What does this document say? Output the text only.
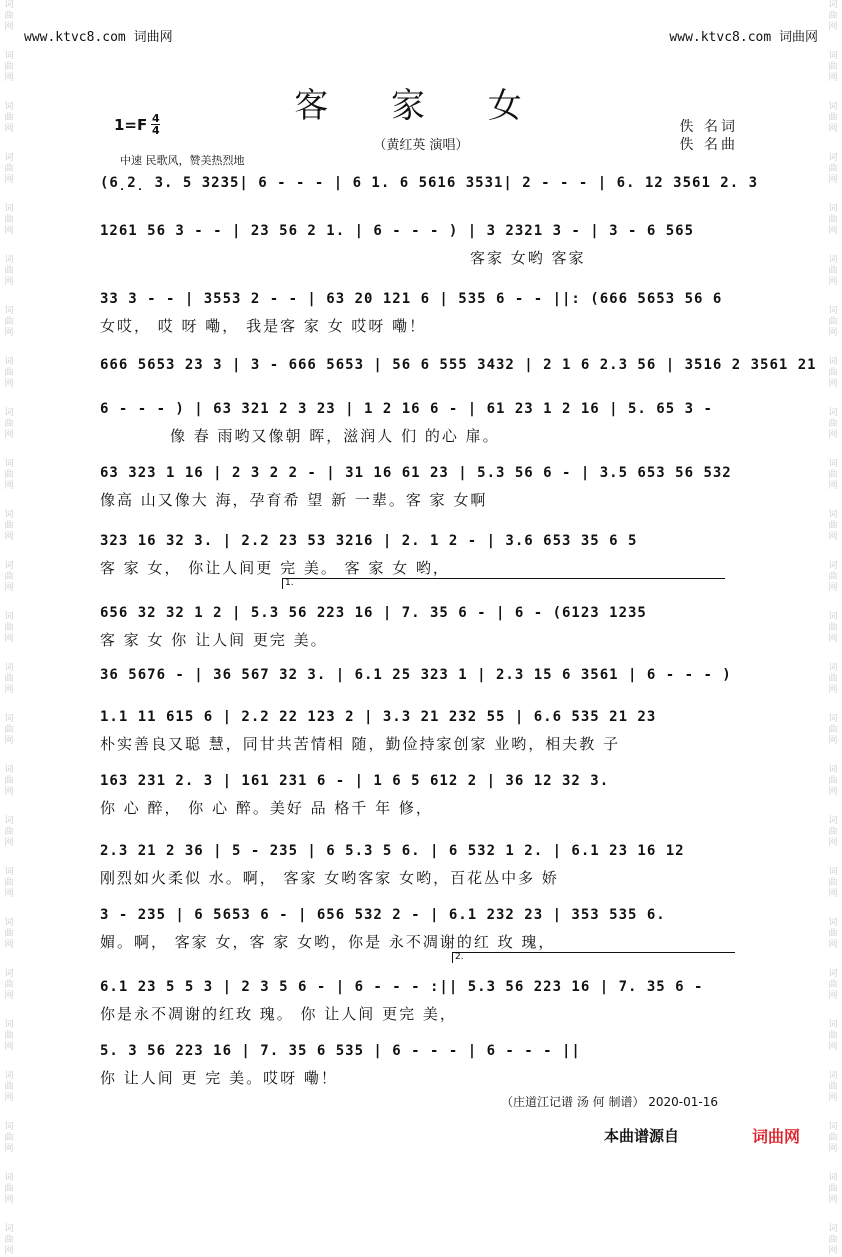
词曲网
词曲网
词曲网
词曲网
词曲网
词曲网
词曲网
词曲网
词曲网
词曲网
词曲网
词曲网
词曲网
词曲网
词曲网
词曲网
词曲网
词曲网
词曲网
词曲网
词曲网
词曲网
词曲网
词曲网
词曲网
词曲网
词曲网
词曲网
词曲网
词曲网
词曲网
词曲网
词曲网
词曲网
词曲网
词曲网
词曲网
词曲网
词曲网
词曲网
词曲网
词曲网
词曲网
词曲网
词曲网
词曲网
词曲网
词曲网
词曲网
词曲网
www.ktvc8.com 词曲网	www.ktvc8.com 词曲网
客 家 女
$1=F \frac{4}{4}$
（黄红英 演唱）
佚 名词
佚 名曲
中速 民歌风，赞美热烈地
(6̣2̣ 3. 5 3235| 6 - - - | 6 1. 6 5616 3531| 2 - - - | 6. 12 3561 2. 3
1261 56 3 - - | 23 56 2 1. | 6 - - - ) | 3 2321 3 - | 3 - 6 565
客家 女哟 客家
33 3 - - | 3553 2 - - | 63 20 121 6 | 535 6 - - ||: (666 5653 56 6
女哎， 哎 呀 嘞， 我是客 家 女 哎呀 嘞！
666 5653 23 3 | 3 - 666 5653 | 56 6 555 3432 | 2 1 6 2.3 56 | 3516 2 3561 21
6 - - - ) | 63 321 2 3 23 | 1 2 16 6 - | 61 23 1 2 16 | 5. 65 3 -
像 春 雨哟又像朝 晖，滋润人 们 的心 扉。
63 323 1 16 | 2 3 2 2 - | 31 16 61 23 | 5.3 56 6 - | 3.5 653 56 532
像高 山又像大 海，孕育希 望 新 一辈。客 家 女啊
323 16 32 3. | 2.2 23 53 3216 | 2. 1 2 - | 3.6 653 35 6 5
客 家 女， 你让人间更 完 美。 客 家 女 哟，
1.
656 32 32 1 2 | 5.3 56 223 16 | 7. 35 6 - | 6 - (6123 1235
客 家 女 你 让人间 更完 美。
36 5676 - | 36 567 32 3. | 6.1 25 323 1 | 2.3 15 6 3561 | 6 - - - )
1.1 11 615 6 | 2.2 22 123 2 | 3.3 21 232 55 | 6.6 535 21 23
朴实善良又聪 慧，同甘共苦情相 随，勤俭持家创家 业哟，相夫教 子
163 231 2. 3 | 161 231 6 - | 1 6 5 612 2 | 36 12 32 3.
你 心 醉， 你 心 醉。美好 品 格千 年 修，
2.3 21 2 36 | 5 - 235 | 6 5.3 5 6. | 6 532 1 2. | 6.1 23 16 12
刚烈如火柔似 水。啊， 客家 女哟客家 女哟，百花丛中多 娇
3 - 235 | 6 5653 6 - | 656 532 2 - | 6.1 232 23 | 353 535 6.
媚。啊， 客家 女，客 家 女哟，你是 永不凋谢的红 玫 瑰，
2.
6.1 23 5 5 3 | 2 3 5 6 - | 6 - - - :|| 5.3 56 223 16 | 7. 35 6 -
你是永不凋谢的红玫 瑰。 你 让人间 更完 美，
5. 3 56 223 16 | 7. 35 6 535 | 6 - - - | 6 - - - ||
你 让人间 更 完 美。哎呀 嘞！
（庄道江记谱 汤 何 制谱） 2020-01-16
本曲谱源自	词曲网
